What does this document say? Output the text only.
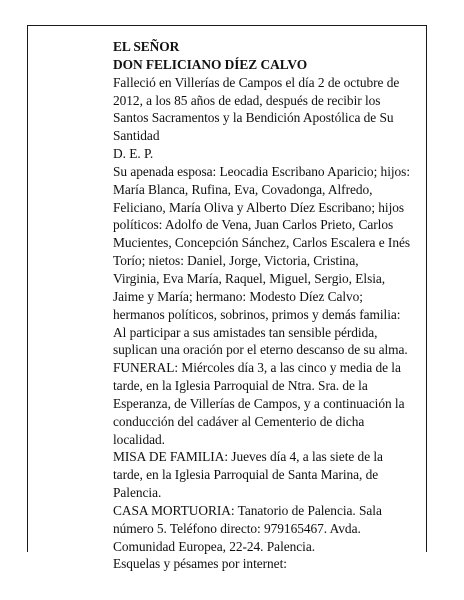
EL SEÑOR

DON FELICIANO DÍEZ CALVO

Falleció en Villerías de Campos el día 2 de octubre de

2012, a los 85 años de edad, después de recibir los

Santos Sacramentos y la Bendición Apostólica de Su

Santidad

D. E. P.

Su apenada esposa: Leocadia Escribano Aparicio; hijos:

María Blanca, Rufina, Eva, Covadonga, Alfredo,

Feliciano, María Oliva y Alberto Díez Escribano; hijos

políticos: Adolfo de Vena, Juan Carlos Prieto, Carlos

Mucientes, Concepción Sánchez, Carlos Escalera e Inés

Torío; nietos: Daniel, Jorge, Victoria, Cristina,

Virginia, Eva María, Raquel, Miguel, Sergio, Elsia,

Jaime y María; hermano: Modesto Díez Calvo;

hermanos políticos, sobrinos, primos y demás familia:

Al participar a sus amistades tan sensible pérdida,

suplican una oración por el eterno descanso de su alma.

FUNERAL: Miércoles día 3, a las cinco y media de la

tarde, en la Iglesia Parroquial de Ntra. Sra. de la

Esperanza, de Villerías de Campos, y a continuación la

conducción del cadáver al Cementerio de dicha

localidad.

MISA DE FAMILIA: Jueves día 4, a las siete de la

tarde, en la Iglesia Parroquial de Santa Marina, de

Palencia.

CASA MORTUORIA: Tanatorio de Palencia. Sala

número 5. Teléfono directo: 979165467. Avda.

Comunidad Europea, 22-24. Palencia.

Esquelas y pésames por internet:
